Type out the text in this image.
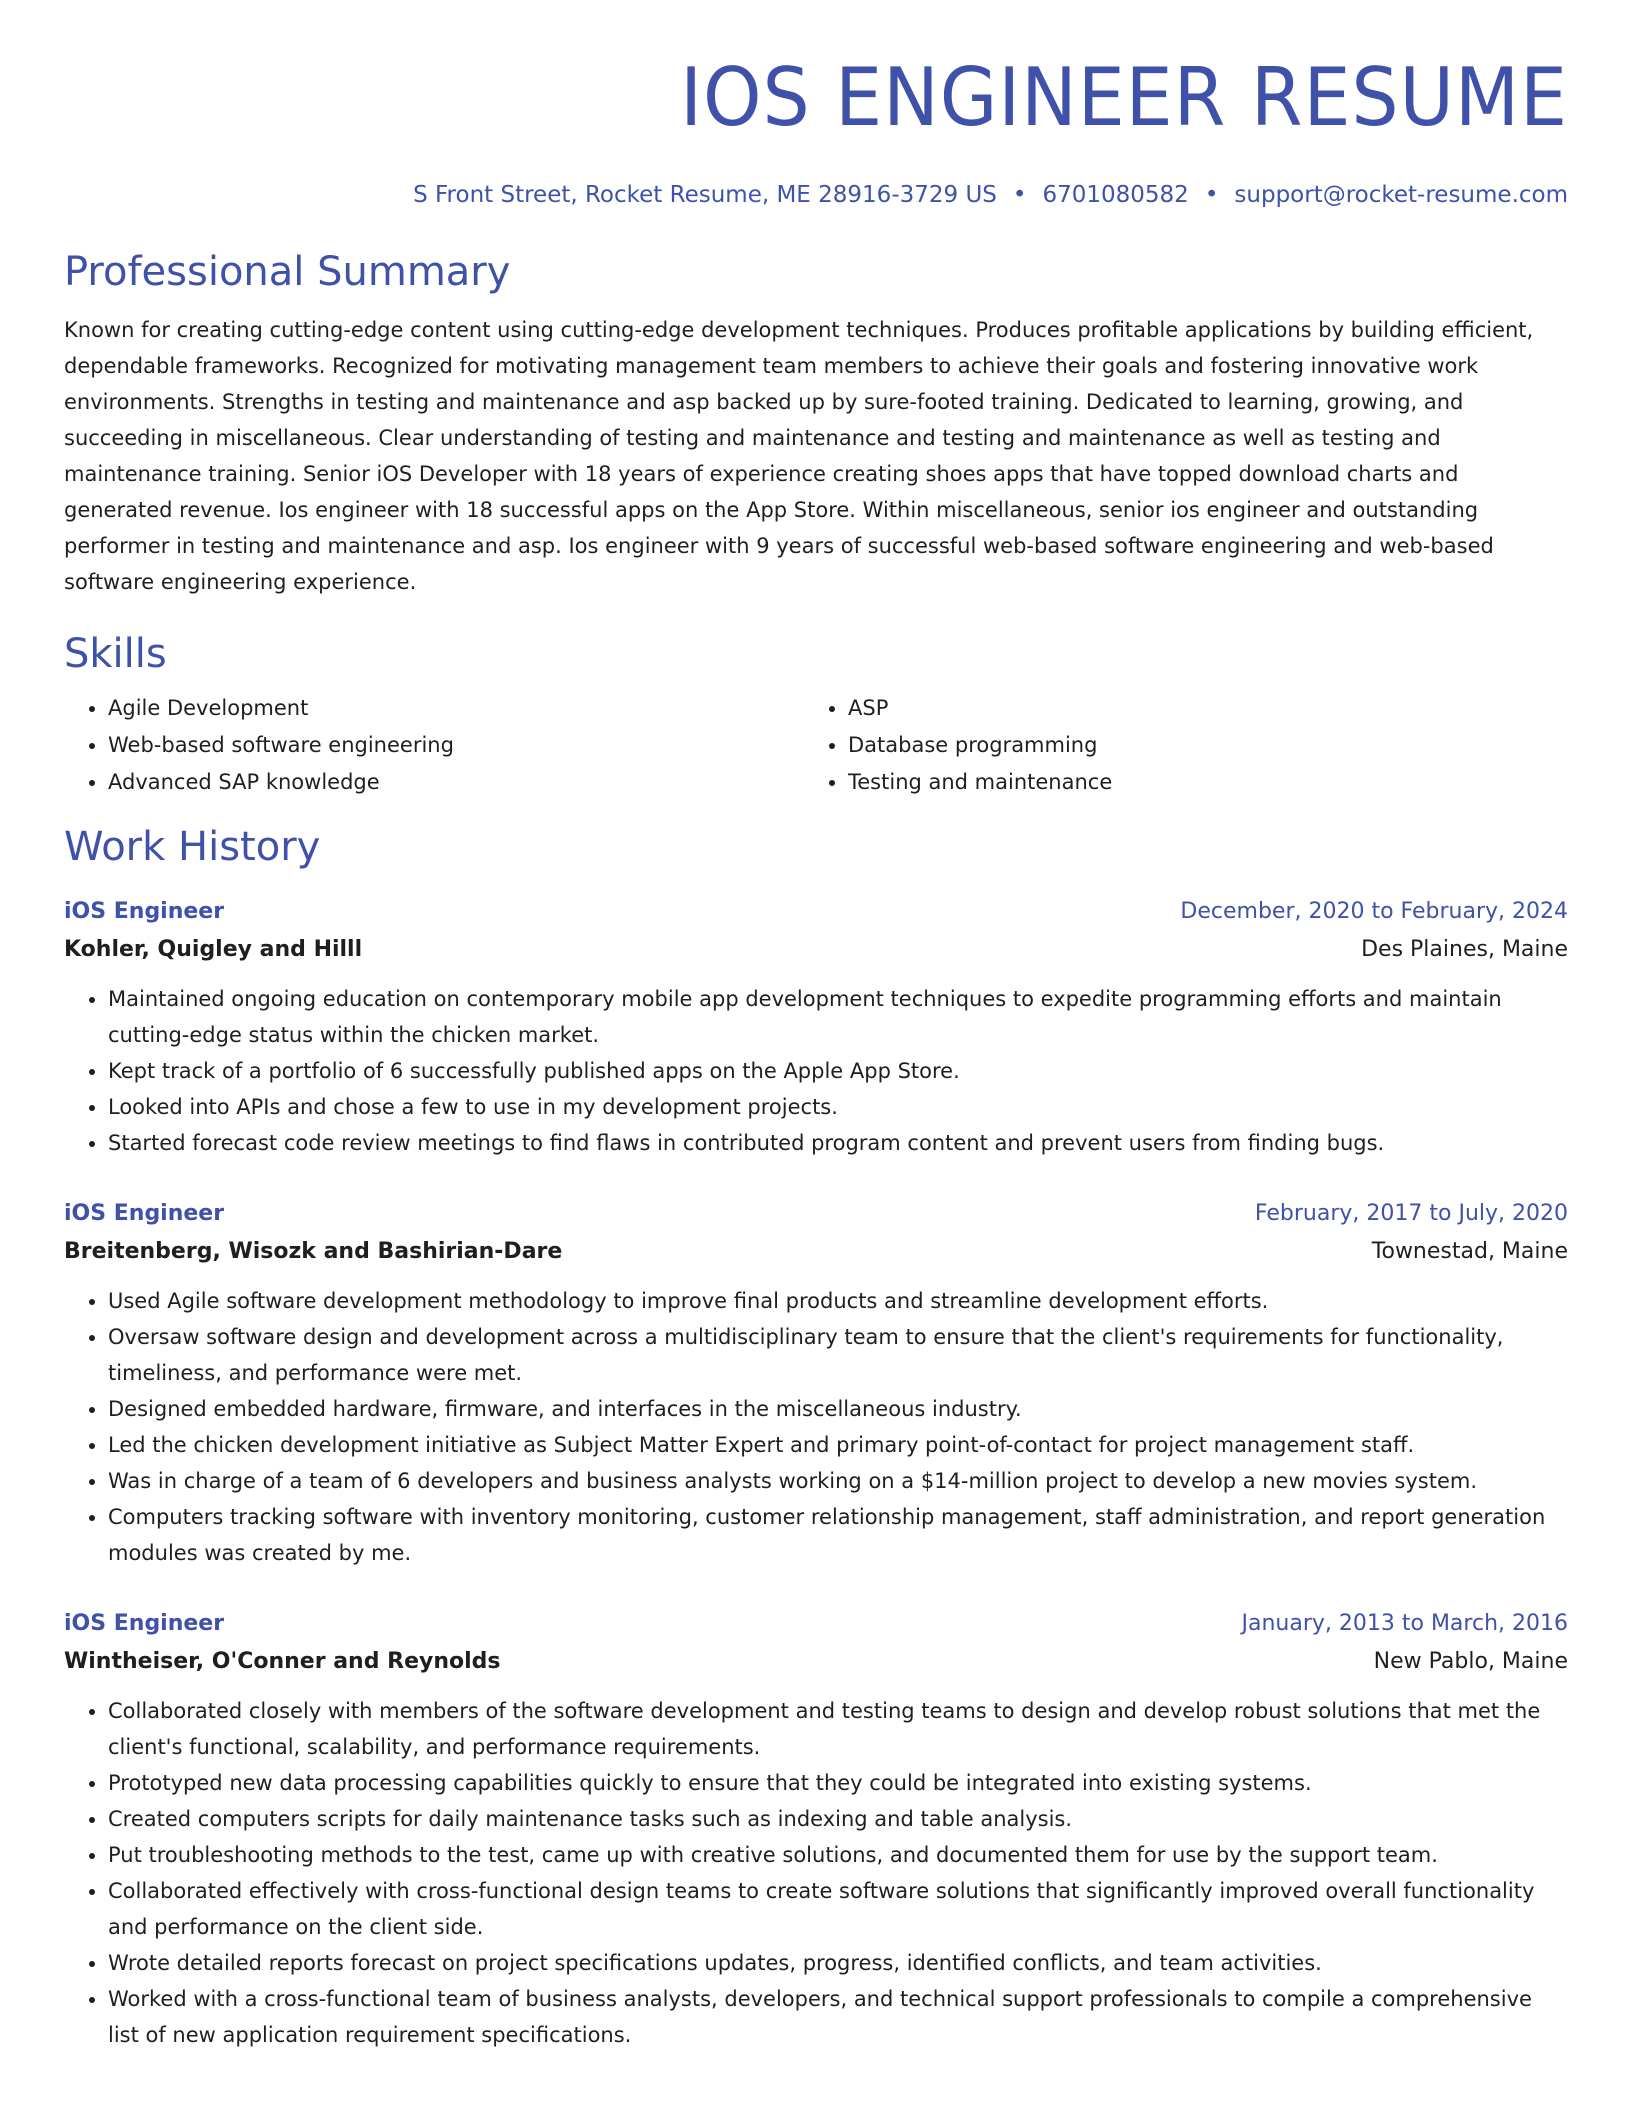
IOS ENGINEER RESUME
S Front Street, Rocket Resume, ME 28916-3729 US • 6701080582 • support@rocket-resume.com
Professional Summary

Known for creating cutting-edge content using cutting-edge development techniques. Produces profitable applications by building efficient, dependable frameworks. Recognized for motivating management team members to achieve their goals and fostering innovative work environments. Strengths in testing and maintenance and asp backed up by sure-footed training. Dedicated to learning, growing, and succeeding in miscellaneous. Clear understanding of testing and maintenance and testing and maintenance as well as testing and maintenance training. Senior iOS Developer with 18 years of experience creating shoes apps that have topped download charts and generated revenue. Ios engineer with 18 successful apps on the App Store. Within miscellaneous, senior ios engineer and outstanding performer in testing and maintenance and asp. Ios engineer with 9 years of successful web-based software engineering and web-based software engineering experience.

Skills
• Agile Development
• Web-based software engineering
• Advanced SAP knowledge
• ASP
• Database programming
• Testing and maintenance
Work History
iOS Engineer	December, 2020 to February, 2024
Kohler, Quigley and Hilll	Des Plaines, Maine
• Maintained ongoing education on contemporary mobile app development techniques to expedite programming efforts and maintain cutting-edge status within the chicken market.
• Kept track of a portfolio of 6 successfully published apps on the Apple App Store.
• Looked into APIs and chose a few to use in my development projects.
• Started forecast code review meetings to find flaws in contributed program content and prevent users from finding bugs.
iOS Engineer	February, 2017 to July, 2020
Breitenberg, Wisozk and Bashirian-Dare	Townestad, Maine
• Used Agile software development methodology to improve final products and streamline development efforts.
• Oversaw software design and development across a multidisciplinary team to ensure that the client's requirements for functionality, timeliness, and performance were met.
• Designed embedded hardware, firmware, and interfaces in the miscellaneous industry.
• Led the chicken development initiative as Subject Matter Expert and primary point-of-contact for project management staff.
• Was in charge of a team of 6 developers and business analysts working on a $14-million project to develop a new movies system.
• Computers tracking software with inventory monitoring, customer relationship management, staff administration, and report generation modules was created by me.
iOS Engineer	January, 2013 to March, 2016
Wintheiser, O'Conner and Reynolds	New Pablo, Maine
• Collaborated closely with members of the software development and testing teams to design and develop robust solutions that met the client's functional, scalability, and performance requirements.
• Prototyped new data processing capabilities quickly to ensure that they could be integrated into existing systems.
• Created computers scripts for daily maintenance tasks such as indexing and table analysis.
• Put troubleshooting methods to the test, came up with creative solutions, and documented them for use by the support team.
• Collaborated effectively with cross-functional design teams to create software solutions that significantly improved overall functionality and performance on the client side.
• Wrote detailed reports forecast on project specifications updates, progress, identified conflicts, and team activities.
• Worked with a cross-functional team of business analysts, developers, and technical support professionals to compile a comprehensive list of new application requirement specifications.
